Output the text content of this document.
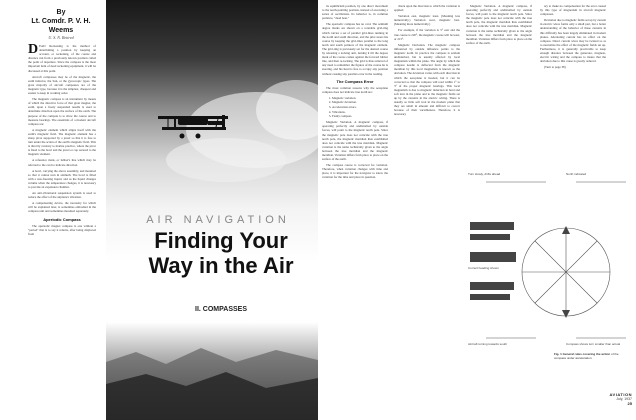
By
Lt. Comdr. P. V. H. Weems
U. S. N. Retired

DEAD Reckoning is the method of determining a position by keeping an account, or reckoning, of the course and distance run from a previously known position called the point of departure. Since the compass is the most important item of dead reckoning equipment, it will be discussed at this point.

Aircraft compasses may be of the magnetic, the earth inductor, the Sun, or the gyroscopic types. The great majority of aircraft compasses are of the magnetic type, because it is the simplest, cheapest and easiest to keep in working order.

The magnetic compass is an instrument by means of which the directive force of that great magnet, the earth, upon a freely suspended needle is used to determine direction upon the surface of the earth. The purpose of the compass is to show the course and to measure bearings. The essentials of a modern aircraft compass are:

A magnetic element which aligns itself with the earth's magnetic field. The magnetic element has a sharp pivot supported by a jewel so that it is free to turn under the action of the earth's magnetic field. This is directly contrary to marine practice, where the pivot is fixed to the bowl and the jewel or cap secured to the magnetic element.

A reference mark, or lubber's line which may be referred to the card to indicate direction.

A bowl, carrying the above assembly, and mounted so that it cannot turn in azimuth. The bowl is filled with a non-freezing liquid, and as the liquid changes volume when the temperature changes, it is necessary to provide an expansion chamber.

An anti-vibrational suspension system is used to reduce the effect of the airplane's vibration.

A compensating device, the necessity for which will be explained later, is sometimes embodied in the compass unit and sometimes mounted separately.

Aperiodic Compass

The aperiodic magnet compass is one without a "period" that is to say it returns, after being displaced from

AIR NAVIGATION
Finding Your Way in the Air
II. COMPASSES

its equilibrium position, by one direct movement to the north-pointing position, instead of executing a series of oscillations. Its behavior is, in common parlance, "dead beat."

The aperiodic compass has no card. The azimuth degree marks are shown on a rotatable grid-ring which carries a set of parallel grid-lines running in the north and south direction, and the pilot steers his course by keeping the grid-lines parallel to the long north and south pointers of the magnetic element. The grid-ring is previously set for the desired course by releasing a locking arm, turning it till the degree mark of the course comes against the forward lubber line, and then re-locking. The grid is thus relieved of any need to remember the figures of the course he is steering, and his head is free to occupy any position without causing any parallax error in the reading.

The Compass Error

The most common reasons why the aeroplane compass does not indicate true north are:

1. Magnetic variation.
2. Magnetic deviation.
3. Acceleration errors.
4. Vibrations.
5. Faulty compass.

Magnetic Variation. A magnetic compass, if operating perfectly and undisturbed by outside forces, will point to the magnetic north pole. Since the magnetic pole does not coincide with the true north pole, the magnetic meridian thus established does not coincide with the true meridian. Magnetic variation is the name technically given to the angle between the true meridian and the magnetic meridian. Variation differs from place to place on the surface of the earth.

The compass course is corrected for variation. Therefore, when variation changes with time and place, it is important for the navigator to know the variation for the time and place in question.

check upon the direction to which the variation is applied:

Variation east, magnetic least. (Meaning less numerically.) Variation west, magnetic best. (Meaning more numerically.)

For example, if the variation is 5° east and the true course is 220°, the magnetic course will be least, or 215°.

Magnetic Deviation. The magnetic compass influenced by outside influence points to the magnetic north. In practice the compass is seldom undisturbed, but is usually affected by local magnetism within the plane. The angle by which the compass needle is deflected from the magnetic meridian by this local magnetism is known as the deviation. The deviation varies with each direction in which the aeroplane is headed, but it can be corrected so that the compass will read within 1° to 3° of the proper magnetic bearings. This local magnetism is due to magnetic induction in hard and soft iron in the plane and to the magnetic fields set up by the currents in the electric wiring. There is usually so little soft iron in the modern plane that they are small in amount and difficult to correct because of their variableness. Therefore, it is necessary

ary to make no compensation for the error caused by this type of magnetism in aircraft magnetic compasses.

Deviation due to magnetic fields set up by current in electric wires forms only a small part, but a better understanding of the behavior of these currents in this difficulty has been largely eliminated in modern planes. Alternating current has no effect on the compass. Direct current wires may be twisted so as to neutralize the effect of the magnetic fields set up. Furthermore, it is generally practicable to keep enough distance between the generator, magneto, electric wiring and the compass to insure that the deviation due to this cause is greatly reduced.

(Turn to page 38)

Magnetic Variation. A magnetic compass, if operating perfectly and undisturbed by outside forces, will point to the magnetic north pole. Since the magnetic pole does not coincide with the true north pole, the magnetic meridian thus established does not coincide with the true meridian. Magnetic variation is the name technically given to the angle between the true meridian and the magnetic meridian. Variation differs from place to place on the surface of the earth.

Turn slowly, drifts ahead	North indicated
Correct heading shown
Aircraft turning towards south	Compass shows turn smaller than actual
Fig. 1 General rules covering the action of the compass under acceleration.
AVIATION
July, 1937
25
